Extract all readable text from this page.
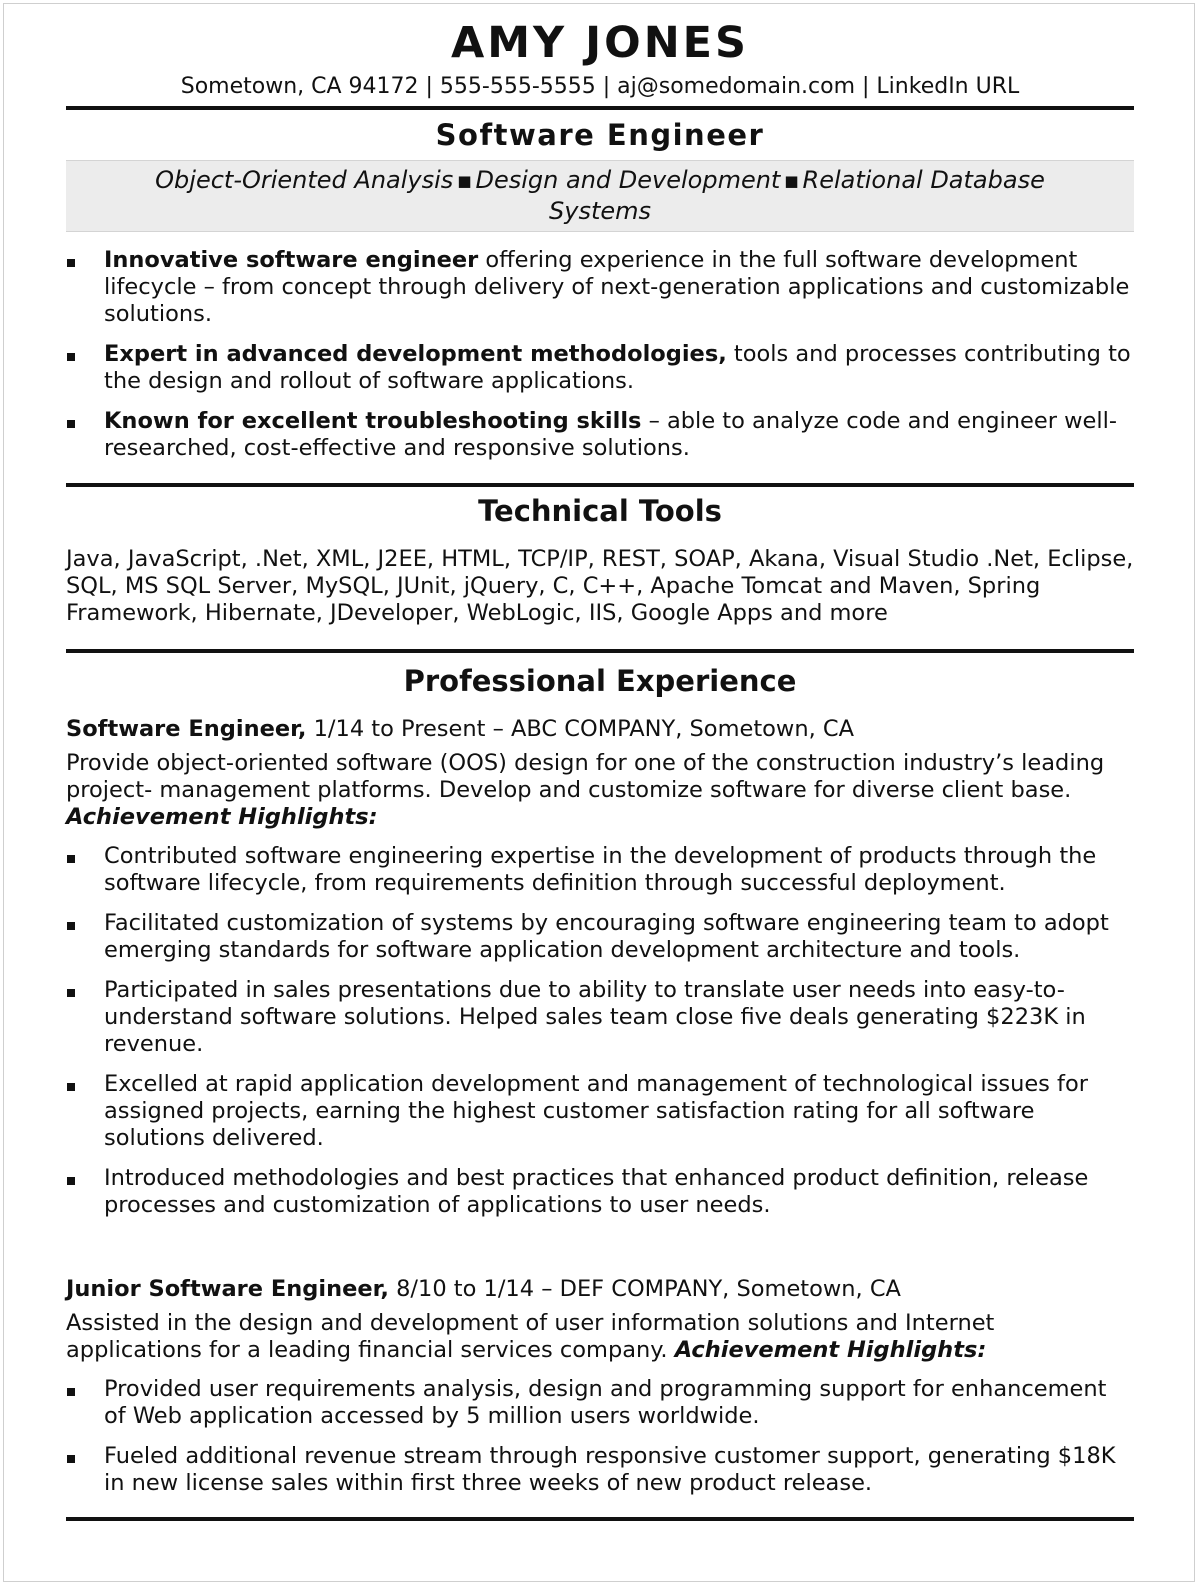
AMY JONES
Sometown, CA 94172 | 555-555-5555 | aj@somedomain.com | LinkedIn URL
Software Engineer
Object-Oriented Analysis ■ Design and Development ■ Relational Database
Systems
Innovative software engineer offering experience in the full software development lifecycle – from concept through delivery of next-generation applications and customizable solutions.
Expert in advanced development methodologies, tools and processes contributing to the design and rollout of software applications.
Known for excellent troubleshooting skills – able to analyze code and engineer well-researched, cost-effective and responsive solutions.
Technical Tools
Java, JavaScript, .Net, XML, J2EE, HTML, TCP/IP, REST, SOAP, Akana, Visual Studio .Net, Eclipse, SQL, MS SQL Server, MySQL, JUnit, jQuery, C, C++, Apache Tomcat and Maven, Spring Framework, Hibernate, JDeveloper, WebLogic, IIS, Google Apps and more
Professional Experience
Software Engineer, 1/14 to Present – ABC COMPANY, Sometown, CA
Provide object-oriented software (OOS) design for one of the construction industry’s leading project- management platforms. Develop and customize software for diverse client base. Achievement Highlights:
Contributed software engineering expertise in the development of products through the software lifecycle, from requirements definition through successful deployment.
Facilitated customization of systems by encouraging software engineering team to adopt emerging standards for software application development architecture and tools.
Participated in sales presentations due to ability to translate user needs into easy-to-understand software solutions. Helped sales team close five deals generating $223K in revenue.
Excelled at rapid application development and management of technological issues for assigned projects, earning the highest customer satisfaction rating for all software solutions delivered.
Introduced methodologies and best practices that enhanced product definition, release processes and customization of applications to user needs.
Junior Software Engineer, 8/10 to 1/14 – DEF COMPANY, Sometown, CA
Assisted in the design and development of user information solutions and Internet applications for a leading financial services company. Achievement Highlights:
Provided user requirements analysis, design and programming support for enhancement of Web application accessed by 5 million users worldwide.
Fueled additional revenue stream through responsive customer support, generating $18K in new license sales within first three weeks of new product release.
